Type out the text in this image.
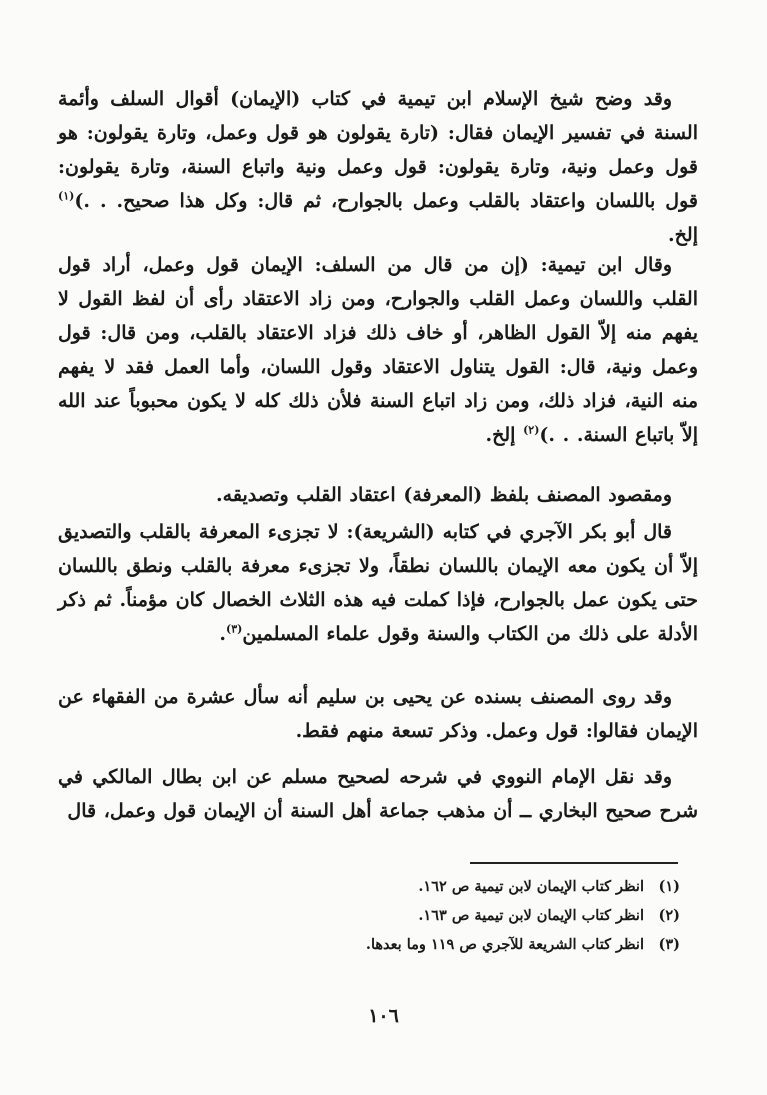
وقد وضح شيخ الإسلام ابن تيمية في كتاب (الإيمان) أقوال السلف وأئمة السنة في تفسير الإيمان فقال: (تارة يقولون هو قول وعمل، وتارة يقولون: هو قول وعمل ونية، وتارة يقولون: قول وعمل ونية واتباع السنة، وتارة يقولون: قول باللسان واعتقاد بالقلب وعمل بالجوارح، ثم قال: وكل هذا صحيح. . .)$^{(١)}$ إلخ.

وقال ابن تيمية: (إن من قال من السلف: الإيمان قول وعمل، أراد قول القلب واللسان وعمل القلب والجوارح، ومن زاد الاعتقاد رأى أن لفظ القول لا يفهم منه إلاّ القول الظاهر، أو خاف ذلك فزاد الاعتقاد بالقلب، ومن قال: قول وعمل ونية، قال: القول يتناول الاعتقاد وقول اللسان، وأما العمل فقد لا يفهم منه النية، فزاد ذلك، ومن زاد اتباع السنة فلأن ذلك كله لا يكون محبوباً عند الله إلاّ باتباع السنة. . .)$^{(٢)}$ إلخ.

ومقصود المصنف بلفظ (المعرفة) اعتقاد القلب وتصديقه.

قال أبو بكر الآجري في كتابه (الشريعة): لا تجزىء المعرفة بالقلب والتصديق إلاّ أن يكون معه الإيمان باللسان نطقاً، ولا تجزىء معرفة بالقلب ونطق باللسان حتى يكون عمل بالجوارح، فإذا كملت فيه هذه الثلاث الخصال كان مؤمناً. ثم ذكر الأدلة على ذلك من الكتاب والسنة وقول علماء المسلمين$^{(٣)}$.

وقد روى المصنف بسنده عن يحيى بن سليم أنه سأل عشرة من الفقهاء عن الإيمان فقالوا: قول وعمل. وذكر تسعة منهم فقط.

وقد نقل الإمام النووي في شرحه لصحيح مسلم عن ابن بطال المالكي في شرح صحيح البخاري ــ أن مذهب جماعة أهل السنة أن الإيمان قول وعمل، قال

(١)
انظر كتاب الإيمان لابن تيمية ص ١٦٢.
(٢)
انظر كتاب الإيمان لابن تيمية ص ١٦٣.
(٣)
انظر كتاب الشريعة للآجري ص ١١٩ وما بعدها.
١٠٦
